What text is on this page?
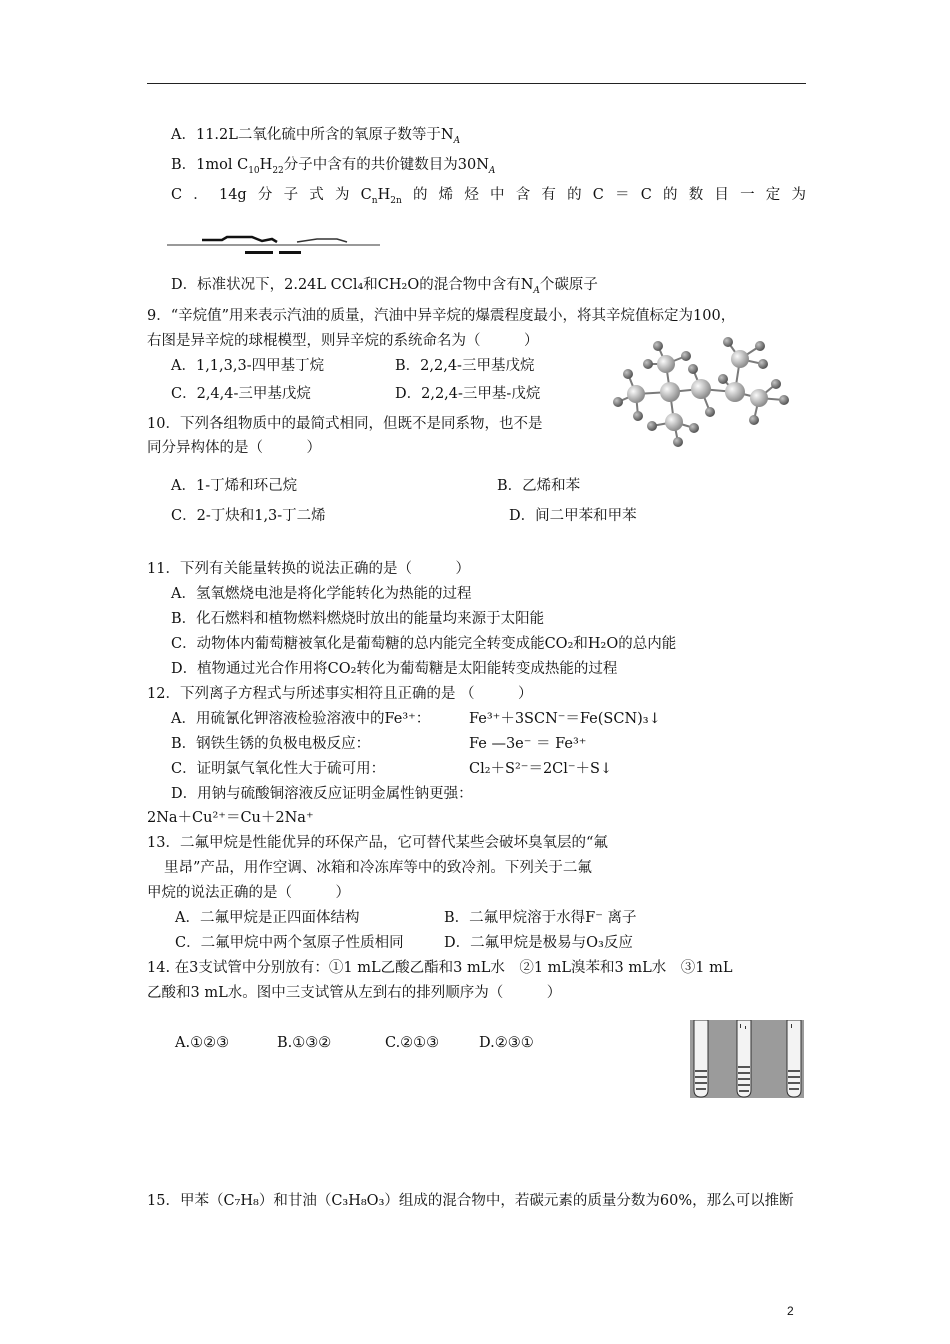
A．11.2L二氧化硫中所含的氧原子数等于$N_A$
B．1mol $C_{10}H_{22}$分子中含有的共价键数目为$30N_A$
C ． 14g 分 子 式 为 $C_nH_{2n}$ 的 烯 烃 中 含 有 的 C ＝ C 的 数 目 一 定 为
D．标准状况下，2.24L CCl₄和CH₂O的混合物中含有$N_A$个碳原子
9．“辛烷值”用来表示汽油的质量，汽油中异辛烷的爆震程度最小，将其辛烷值标定为100，
右图是异辛烷的球棍模型，则异辛烷的系统命名为（　　　）
A．1,1,3,3-四甲基丁烷	B．2,2,4-三甲基戊烷
C．2,4,4-三甲基戊烷	D．2,2,4-三甲基-戊烷
10．下列各组物质中的最简式相同，但既不是同系物，也不是
同分异构体的是（　　　）
A．1-丁烯和环己烷	B．乙烯和苯
C．2-丁炔和1,3-丁二烯	D．间二甲苯和甲苯
11．下列有关能量转换的说法正确的是（　　　）
A．氢氧燃烧电池是将化学能转化为热能的过程
B．化石燃料和植物燃料燃烧时放出的能量均来源于太阳能
C．动物体内葡萄糖被氧化是葡萄糖的总内能完全转变成能CO₂和H₂O的总内能
D．植物通过光合作用将CO₂转化为葡萄糖是太阳能转变成热能的过程
12．下列离子方程式与所述事实相符且正确的是 （　　　）
A．用硫氰化钾溶液检验溶液中的Fe³⁺：	Fe³⁺＋3SCN⁻＝Fe(SCN)₃↓
B．钢铁生锈的负极电极反应：	Fe —3e⁻ ＝ Fe³⁺
C．证明氯气氧化性大于硫可用：	Cl₂＋S²⁻＝2Cl⁻＋S↓
D．用钠与硫酸铜溶液反应证明金属性钠更强：
2Na＋Cu²⁺＝Cu＋2Na⁺
13．二氟甲烷是性能优异的环保产品，它可替代某些会破坏臭氧层的“氟
里昂”产品，用作空调、冰箱和冷冻库等中的致冷剂。下列关于二氟
甲烷的说法正确的是（　　　）
A．二氟甲烷是正四面体结构	B．二氟甲烷溶于水得F⁻ 离子
C．二氟甲烷中两个氢原子性质相同	D．二氟甲烷是极易与O₃反应
14. 在3支试管中分别放有：①1 mL乙酸乙酯和3 mL水　②1 mL溴苯和3 mL水　③1 mL
乙酸和3 mL水。图中三支试管从左到右的排列顺序为（　　　）
A.①②③	B.①③②	C.②①③	D.②③①
15．甲苯（C₇H₈）和甘油（C₃H₈O₃）组成的混合物中，若碳元素的质量分数为60%，那么可以推断
2
